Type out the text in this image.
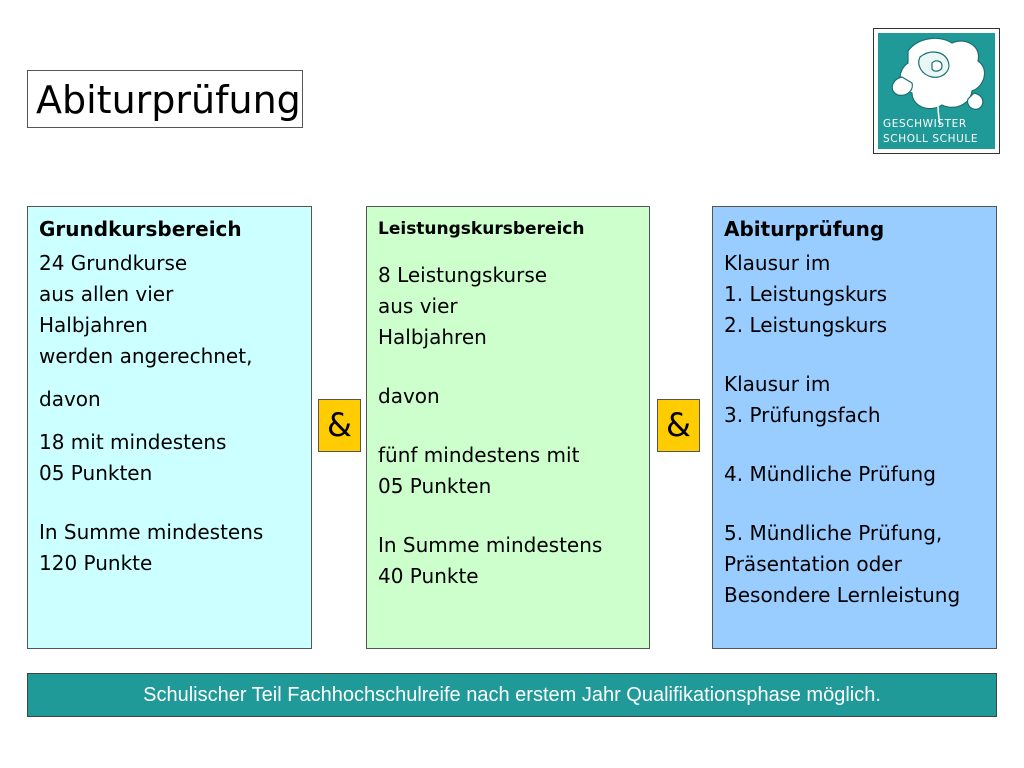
Abiturprüfung
GESCHWISTER
SCHOLL SCHULE
Grundkursbereich
24 Grundkurse
aus allen vier
Halbjahren
werden angerechnet,
davon
18 mit mindestens
05 Punkten
In Summe mindestens
120 Punkte
&
Leistungskursbereich
8 Leistungskurse
aus vier
Halbjahren
davon
fünf mindestens mit
05 Punkten
In Summe mindestens
40 Punkte
&
Abiturprüfung
Klausur im
1. Leistungskurs
2. Leistungskurs
Klausur im
3. Prüfungsfach
4. Mündliche Prüfung
5. Mündliche Prüfung,
Präsentation oder
Besondere Lernleistung
Schulischer Teil Fachhochschulreife nach erstem Jahr Qualifikationsphase möglich.
